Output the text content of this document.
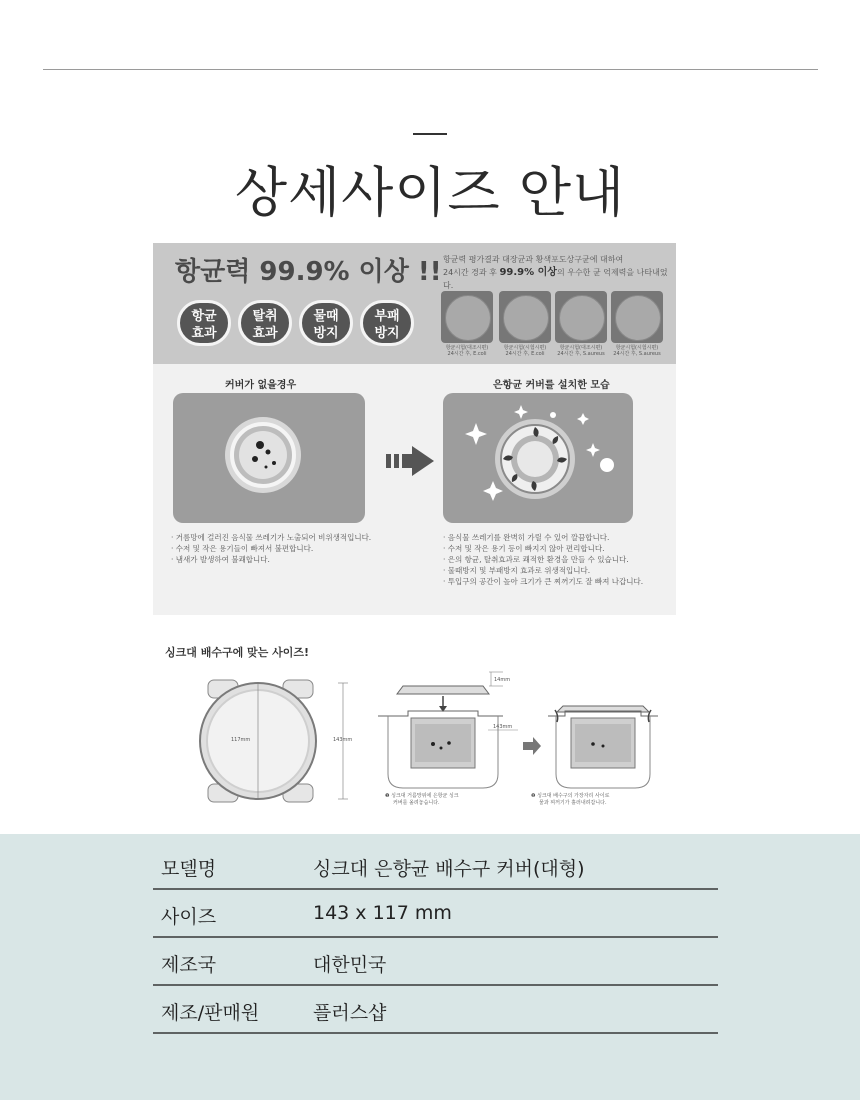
상세사이즈 안내
항균력 99.9% 이상 !!
항균
효과
탈취
효과
물때
방지
부패
방지
항균력 평가결과 대장균과 황색포도상구균에 대하여
24시간 경과 후 99.9% 이상의 우수한 균 억제력을 나타내었다.
항균시험(대조시편)
24시간 후, E.coli
항균시험(시험시편)
24시간 후, E.coli
항균시험(대조시편)
24시간 후, S.aureus
항균시험(시험시편)
24시간 후, S.aureus
커버가 없을경우	은항균 커버를 설치한 모습
· 거름망에 걸러진 음식물 쓰레기가 노출되어 비위생적입니다.
· 수저 및 작은 용기들이 빠져서 불편합니다.
· 냄새가 발생하여 불쾌합니다.
· 음식물 쓰레기를 완벽히 가릴 수 있어 깔끔합니다.
· 수저 및 작은 용기 등이 빠지지 않아 편리합니다.
· 은의 항균, 탈취효과로 쾌적한 환경을 만들 수 있습니다.
· 물때방지 및 부패방지 효과로 위생적입니다.
· 투입구의 공간이 높아 크기가 큰 찌꺼기도 잘 빠져 나갑니다.
싱크대 배수구에 맞는 사이즈!
117mm	143mm
14mm
143mm
❶ 싱크대 거름망위에 은항균 싱크
커버를 올려놓습니다.
❷ 싱크대 배수구의 가장자리 사이로
물과 찌꺼기가 흘러내려갑니다.
모델명	싱크대 은향균 배수구 커버(대형)
사이즈	143 x 117 mm
제조국	대한민국
제조/판매원	플러스샵
